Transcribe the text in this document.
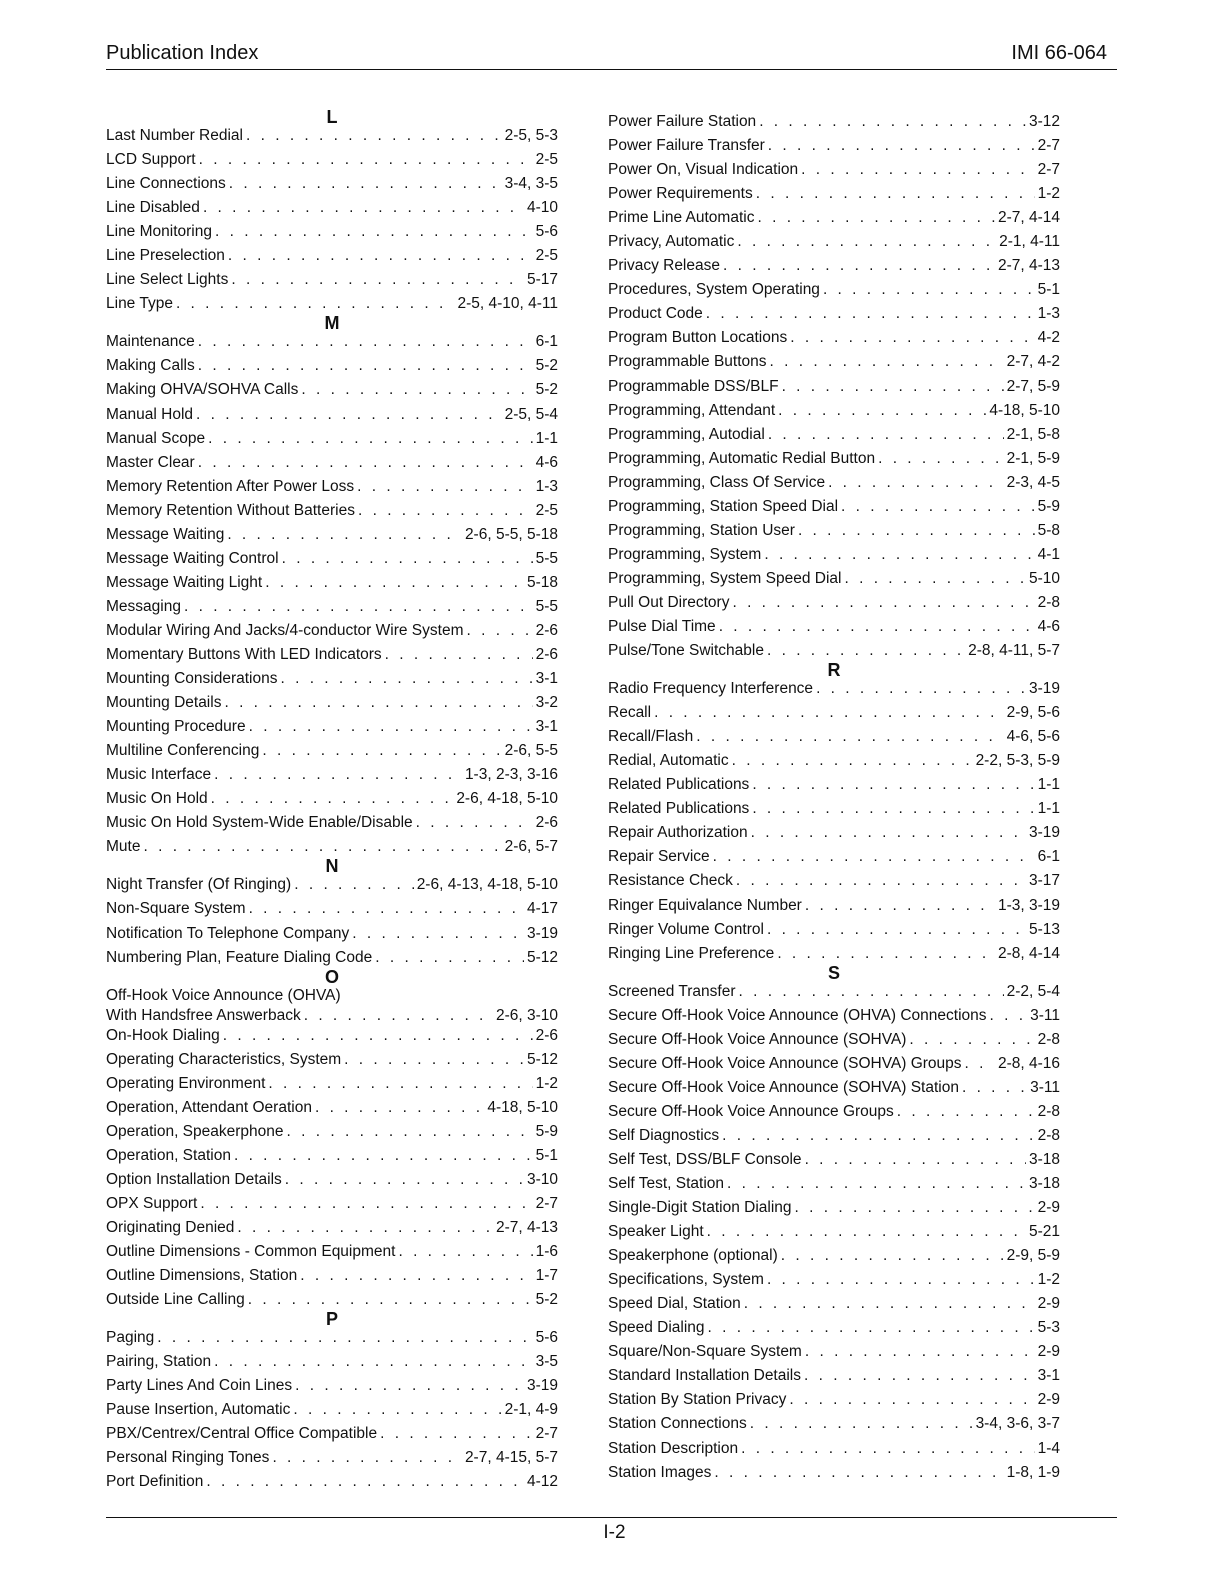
Publication Index	IMI 66-064
L
Last Number Redial . . .	2-5, 5-3
LCD Support . . .	2-5
Line Connections . . .	3-4, 3-5
Line Disabled . . .	4-10
Line Monitoring . . .	5-6
Line Preselection . . .	2-5
Line Select Lights . . .	5-17
Line Type . . .	2-5, 4-10, 4-11
M
Maintenance . . .	6-1
Making Calls . . .	5-2
Making OHVA/SOHVA Calls . . .	5-2
Manual Hold . . .	2-5, 5-4
Manual Scope . . .	1-1
Master Clear . . .	4-6
Memory Retention After Power Loss . . .	1-3
Memory Retention Without Batteries . . .	2-5
Message Waiting . . .	2-6, 5-5, 5-18
Message Waiting Control . . .	5-5
Message Waiting Light . . .	5-18
Messaging . . .	5-5
Modular Wiring And Jacks/4-conductor Wire System . . .	2-6
Momentary Buttons With LED Indicators . . .	2-6
Mounting Considerations . . .	3-1
Mounting Details . . .	3-2
Mounting Procedure . . .	3-1
Multiline Conferencing . . .	2-6, 5-5
Music Interface . . .	1-3, 2-3, 3-16
Music On Hold . . .	2-6, 4-18, 5-10
Music On Hold System-Wide Enable/Disable . . .	2-6
Mute . . .	2-6, 5-7
N
Night Transfer (Of Ringing) . . .	2-6, 4-13, 4-18, 5-10
Non-Square System . . .	4-17
Notification To Telephone Company . . .	3-19
Numbering Plan, Feature Dialing Code . . .	5-12
O
Off-Hook Voice Announce (OHVA)
With Handsfree Answerback . . .	2-6, 3-10
On-Hook Dialing . . .	2-6
Operating Characteristics, System . . .	5-12
Operating Environment . . .	1-2
Operation, Attendant Oeration . . .	4-18, 5-10
Operation, Speakerphone . . .	5-9
Operation, Station . . .	5-1
Option Installation Details . . .	3-10
OPX Support . . .	2-7
Originating Denied . . .	2-7, 4-13
Outline Dimensions - Common Equipment . . .	1-6
Outline Dimensions, Station . . .	1-7
Outside Line Calling . . .	5-2
P
Paging . . .	5-6
Pairing, Station . . .	3-5
Party Lines And Coin Lines . . .	3-19
Pause Insertion, Automatic . . .	2-1, 4-9
PBX/Centrex/Central Office Compatible . . .	2-7
Personal Ringing Tones . . .	2-7, 4-15, 5-7
Port Definition . . .	4-12
Power Failure Station . . .	3-12
Power Failure Transfer . . .	2-7
Power On, Visual Indication . . .	2-7
Power Requirements . . .	1-2
Prime Line Automatic . . .	2-7, 4-14
Privacy, Automatic . . .	2-1, 4-11
Privacy Release . . .	2-7, 4-13
Procedures, System Operating . . .	5-1
Product Code . . .	1-3
Program Button Locations . . .	4-2
Programmable Buttons . . .	2-7, 4-2
Programmable DSS/BLF . . .	2-7, 5-9
Programming, Attendant . . .	4-18, 5-10
Programming, Autodial . . .	2-1, 5-8
Programming, Automatic Redial Button . . .	2-1, 5-9
Programming, Class Of Service . . .	2-3, 4-5
Programming, Station Speed Dial . . .	5-9
Programming, Station User . . .	5-8
Programming, System . . .	4-1
Programming, System Speed Dial . . .	5-10
Pull Out Directory . . .	2-8
Pulse Dial Time . . .	4-6
Pulse/Tone Switchable . . .	2-8, 4-11, 5-7
R
Radio Frequency Interference . . .	3-19
Recall . . .	2-9, 5-6
Recall/Flash . . .	4-6, 5-6
Redial, Automatic . . .	2-2, 5-3, 5-9
Related Publications . . .	1-1
Related Publications . . .	1-1
Repair Authorization . . .	3-19
Repair Service . . .	6-1
Resistance Check . . .	3-17
Ringer Equivalance Number . . .	1-3, 3-19
Ringer Volume Control . . .	5-13
Ringing Line Preference . . .	2-8, 4-14
S
Screened Transfer . . .	2-2, 5-4
Secure Off-Hook Voice Announce (OHVA) Connections . . .	3-11
Secure Off-Hook Voice Announce (SOHVA) . . .	2-8
Secure Off-Hook Voice Announce (SOHVA) Groups . . . 2-8, 4-16
Secure Off-Hook Voice Announce (SOHVA) Station . . .	3-11
Secure Off-Hook Voice Announce Groups . . .	2-8
Self Diagnostics . . .	2-8
Self Test, DSS/BLF Console . . .	3-18
Self Test, Station . . .	3-18
Single-Digit Station Dialing . . .	2-9
Speaker Light . . .	5-21
Speakerphone (optional) . . .	2-9, 5-9
Specifications, System . . .	1-2
Speed Dial, Station . . .	2-9
Speed Dialing . . .	5-3
Square/Non-Square System . . .	2-9
Standard Installation Details . . .	3-1
Station By Station Privacy . . .	2-9
Station Connections . . .	3-4, 3-6, 3-7
Station Description . . .	1-4
Station Images . . .	1-8, 1-9
I-2
